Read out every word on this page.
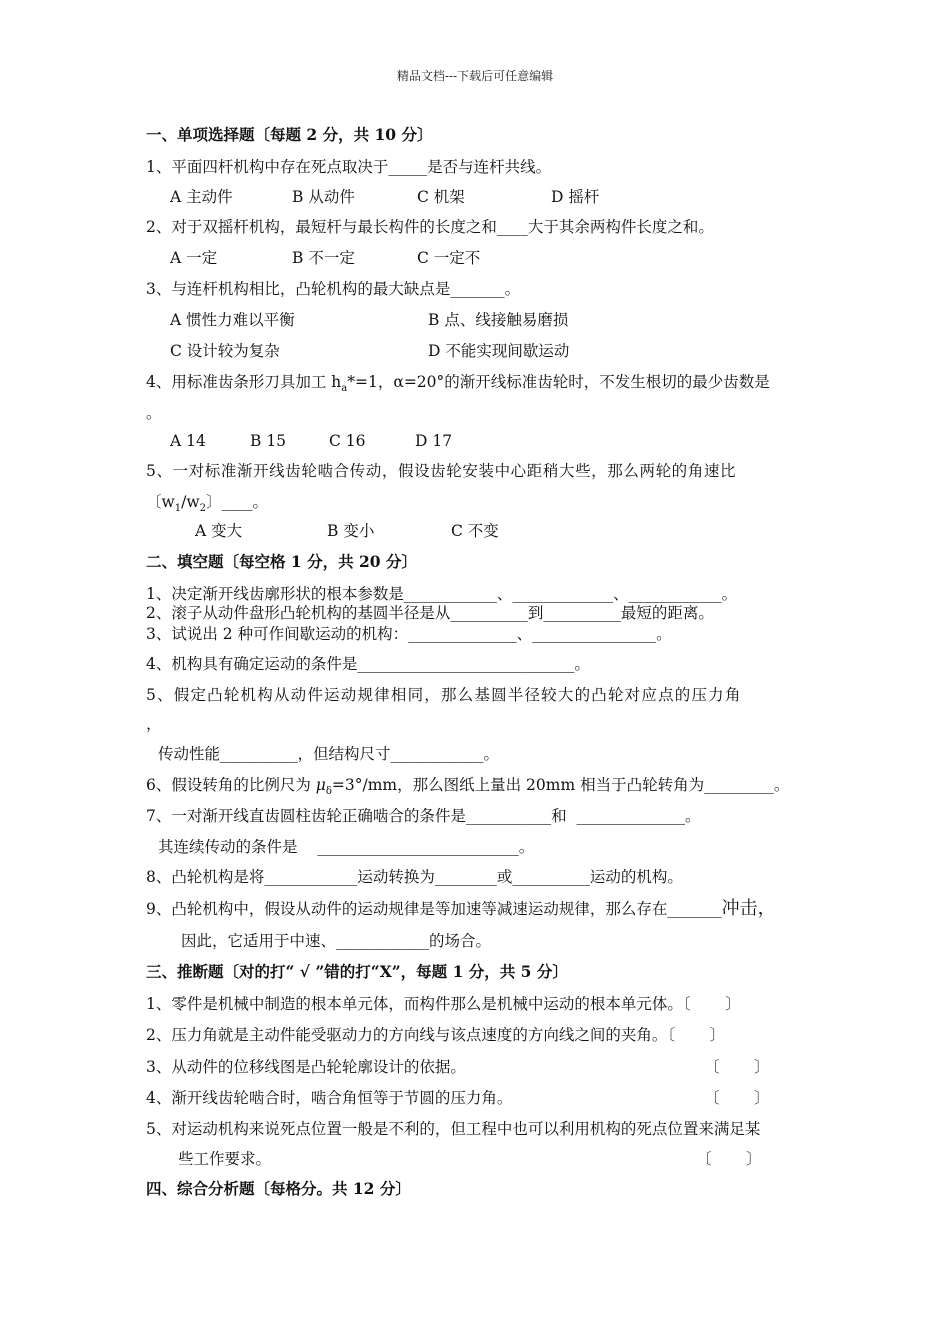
精品文档---下载后可任意编辑
一、单项选择题〔每题 2 分，共 10 分〕
1、平面四杆机构中存在死点取决于_____是否与连杆共线。
A 主动件	B 从动件	C 机架	D 摇杆
2、对于双摇杆机构，最短杆与最长构件的长度之和____大于其余两构件长度之和。
A 一定	B 不一定	C 一定不
3、与连杆机构相比，凸轮机构的最大缺点是_______。
A 惯性力难以平衡	B 点、线接触易磨损
C 设计较为复杂	D 不能实现间歇运动
4、用标准齿条形刀具加工 $h_a*=1$，α=20°的渐开线标准齿轮时，不发生根切的最少齿数是
。
A 14	B 15	C 16	D 17
5、一对标准渐开线齿轮啮合传动，假设齿轮安装中心距稍大些，那么两轮的角速比
〔$w_1/w_2$〕____。
A 变大	B 变小	C 不变
二、填空题〔每空格 1 分，共 20 分〕
1、决定渐开线齿廓形状的根本参数是____________、_____________、____________。
2、滚子从动件盘形凸轮机构的基圆半径是从__________到__________最短的距离。
3、试说出 2 种可作间歇运动的机构：______________、________________。
4、机构具有确定运动的条件是____________________________。
5、假定凸轮机构从动件运动规律相同，那么基圆半径较大的凸轮对应点的压力角
，
传动性能__________，但结构尺寸____________。
6、假设转角的比例尺为 $\mu_\delta=3^\circ/mm$，那么图纸上量出 20mm 相当于凸轮转角为_________。
7、一对渐开线直齿圆柱齿轮正确啮合的条件是___________和  ______________。
其连续传动的条件是    __________________________。
8、凸轮机构是将____________运动转换为________或__________运动的机构。
9、凸轮机构中，假设从动件的运动规律是等加速等减速运动规律，那么存在_______冲击，
因此，它适用于中速、____________的场合。
三、推断题〔对的打“ √ ”错的打“X”，每题 1 分，共 5 分〕
1、零件是机械中制造的根本单元体，而构件那么是机械中运动的根本单元体。〔       〕
2、压力角就是主动件能受驱动力的方向线与该点速度的方向线之间的夹角。〔       〕
3、从动件的位移线图是凸轮轮廓设计的依据。	〔       〕
4、渐开线齿轮啮合时，啮合角恒等于节圆的压力角。	〔       〕
5、对运动机构来说死点位置一般是不利的，但工程中也可以利用机构的死点位置来满足某
些工作要求。	〔       〕
四、综合分析题〔每格分。共 12 分〕
